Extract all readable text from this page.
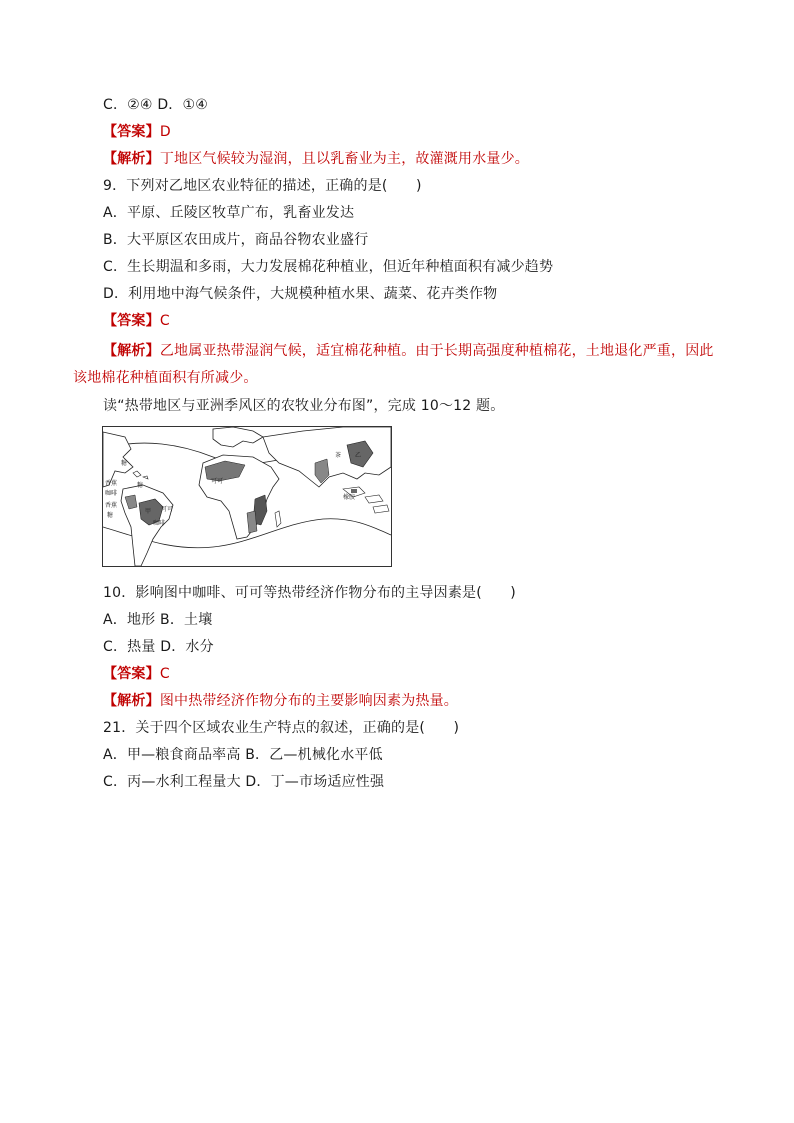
C．②④ D．①④
【答案】D
【解析】丁地区气候较为湿润，且以乳畜业为主，故灌溉用水量少。
9．下列对乙地区农业特征的描述，正确的是(　　)
A．平原、丘陵区牧草广布，乳畜业发达
B．大平原区农田成片，商品谷物农业盛行
C．生长期温和多雨，大力发展棉花种植业，但近年种植面积有减少趋势
D．利用地中海气候条件，大规模种植水果、蔬菜、花卉类作物
【答案】C
【解析】乙地属亚热带湿润气候，适宜棉花种植。由于长期高强度种植棉花，土地退化严重，因此该地棉花种植面积有所减少。
读“热带地区与亚洲季风区的农牧业分布图”，完成 10～12 题。
糖
糖
香蕉
咖啡
香蕉
糖
甲 可可
咖啡
可可
茶 乙
橡胶
10．影响图中咖啡、可可等热带经济作物分布的主导因素是(　　)
A．地形 B．土壤
C．热量 D．水分
【答案】C
【解析】图中热带经济作物分布的主要影响因素为热量。
21．关于四个区域农业生产特点的叙述，正确的是(　　)
A．甲—粮食商品率高 B．乙—机械化水平低
C．丙—水利工程量大 D．丁—市场适应性强
